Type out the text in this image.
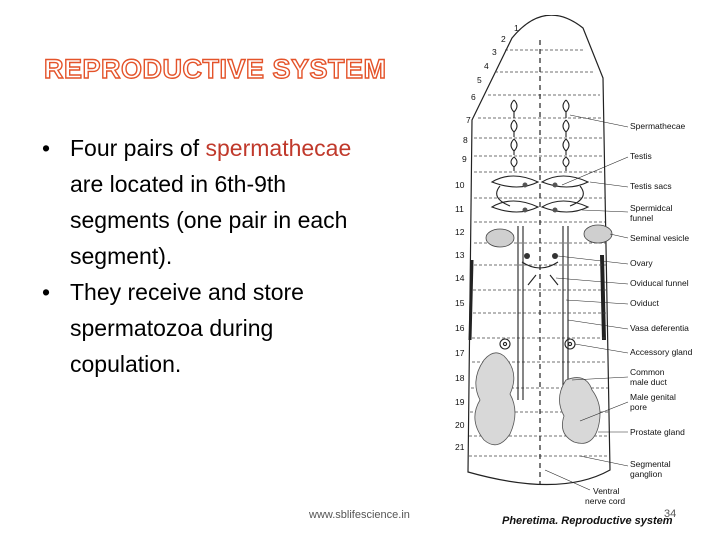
REPRODUCTIVE SYSTEM
• Four pairs of spermathecae are located in 6th-9th segments (one pair in each segment).
• They receive and store spermatozoa during copulation.
www.sblifescience.in	34
1
2
3
4
5
6
7
8
9
10
11
12
13
14
15
16
17
18
19
20
21
Spermathecae
Testis
Testis sacs
Spermidcal
funnel
Seminal vesicle
Ovary
Oviducal funnel
Oviduct
Vasa deferentia
Accessory gland
Common
male duct
Male genital
pore
Prostate gland
Segmental
ganglion
Ventral
nerve cord
Pheretima. Reproductive system
